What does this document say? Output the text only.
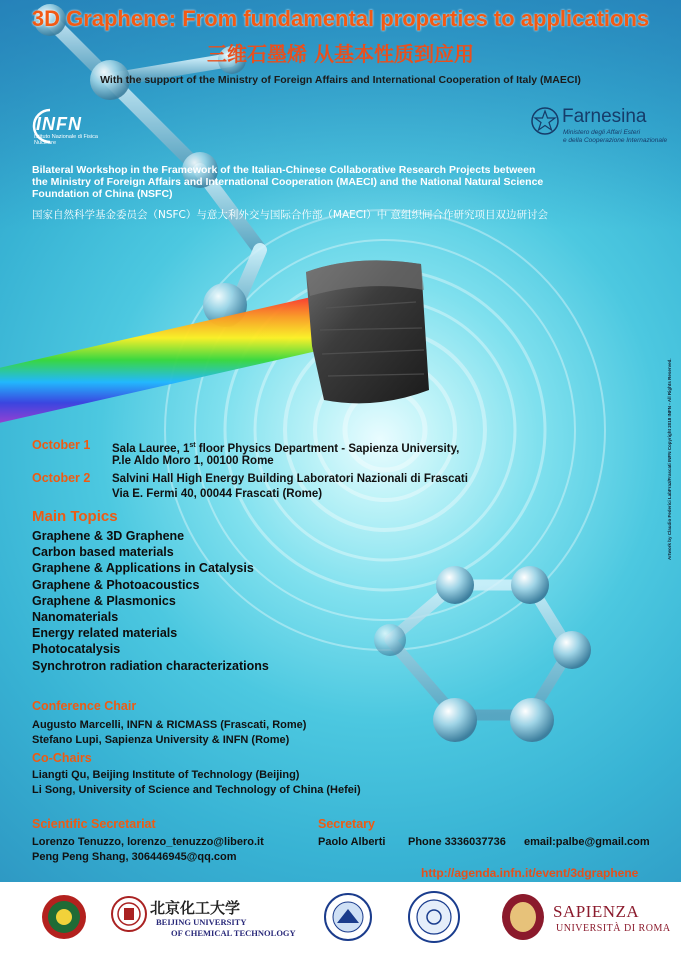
3D Graphene: From fundamental properties to applications
三维石墨烯 从基本性质到应用
With the support of the Ministry of Foreign Affairs and International Cooperation of Italy (MAECI)
INFN
Istituto Nazionale di Fisica Nucleare
Farnesina
Ministero degli Affari Esteri
e della Cooperazione Internazionale
Bilateral Workshop in the Framework of the Italian-Chinese Collaborative Research Projects between
the Ministry of Foreign Affairs and International Cooperation (MAECI) and the National Natural Science
Foundation of China (NSFC)
国家自然科学基金委员会（NSFC）与意大利外交与国际合作部（MAECI）中 意组织间合作研究项目双边研讨会
October 1 Sala Lauree, 1st floor Physics Department - Sapienza University,
P.le Aldo Moro 1, 00100 Rome
October 2 Salvini Hall High Energy Building Laboratori Nazionali di Frascati
Via E. Fermi 40, 00044 Frascati (Rome)
Main Topics
Graphene & 3D Graphene
Carbon based materials
Graphene & Applications in Catalysis
Graphene & Photoacoustics
Graphene & Plasmonics
Nanomaterials
Energy related materials
Photocatalysis
Synchrotron radiation characterizations
Conference Chair
Augusto Marcelli, INFN & RICMASS (Frascati, Rome)
Stefano Lupi, Sapienza University & INFN (Rome)
Co-Chairs
Liangti Qu, Beijing Institute of Technology (Beijing)
Li Song, University of Science and Technology of China (Hefei)
Scientific Secretariat
Lorenzo Tenuzzo, lorenzo_tenuzzo@libero.it
Peng Peng Shang, 306446945@qq.com
Secretary
Paolo Alberti Phone 3336037736 email:palbe@gmail.com
http://agenda.infn.it/event/3dgraphene
Artwork by Claudio Federici LabFraz/Frascati INFN Copyright 2018 INFN - All Rights Reserved.
北京化工大学
BEIJING UNIVERSITY
OF CHEMICAL TECHNOLOGY
SAPIENZA
UNIVERSITÀ DI ROMA
